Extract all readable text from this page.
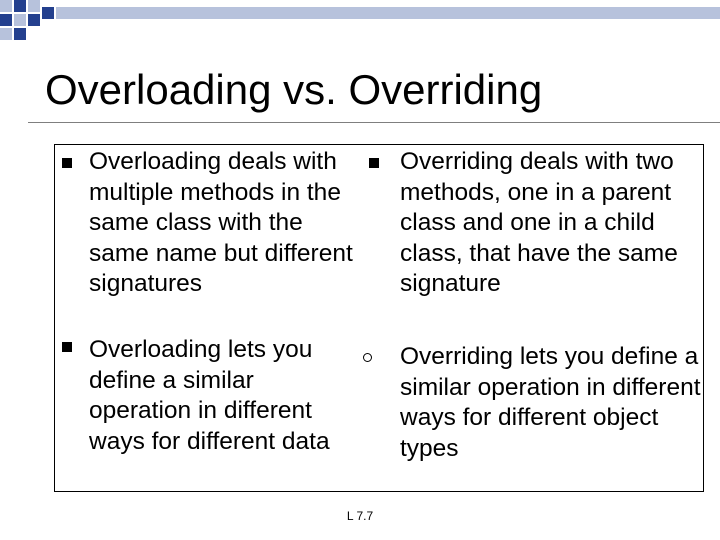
Overloading vs. Overriding
Overloading deals with multiple methods in the same class with the same name but different signatures
Overloading lets you define a similar operation in different ways for different data
Overriding deals with two methods, one in a parent class and one in a child class, that have the same signature
Overriding lets you define a similar operation in different ways for different object types
L 7.7
